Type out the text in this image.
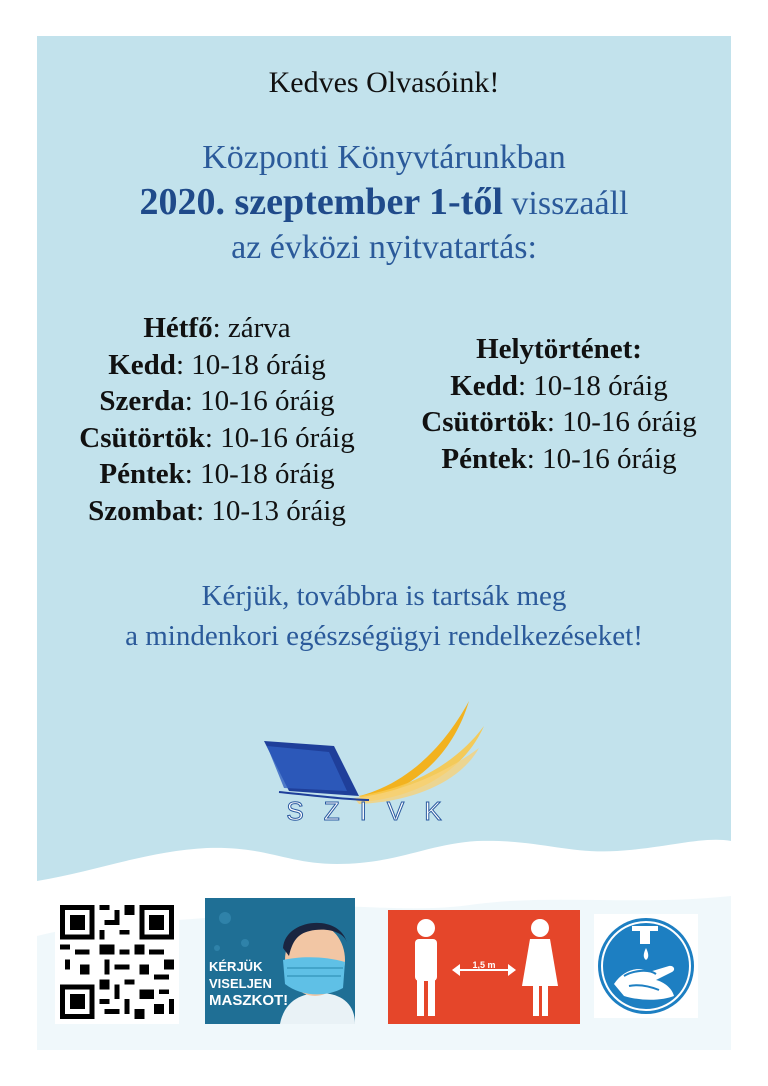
Kedves Olvasóink!
Központi Könyvtárunkban
2020. szeptember 1-től visszaáll
az évközi nyitvatartás:
Hétfő: zárva
Kedd: 10-18 óráig
Szerda: 10-16 óráig
Csütörtök: 10-16 óráig
Péntek: 10-18 óráig
Szombat: 10-13 óráig
Helytörténet:
Kedd: 10-18 óráig
Csütörtök: 10-16 óráig
Péntek: 10-16 óráig
Kérjük, továbbra is tartsák meg
a mindenkori egészségügyi rendelkezéseket!
SZIVK
KÉRJÜK
VISELJEN
MASZKOT!
1,5 m
